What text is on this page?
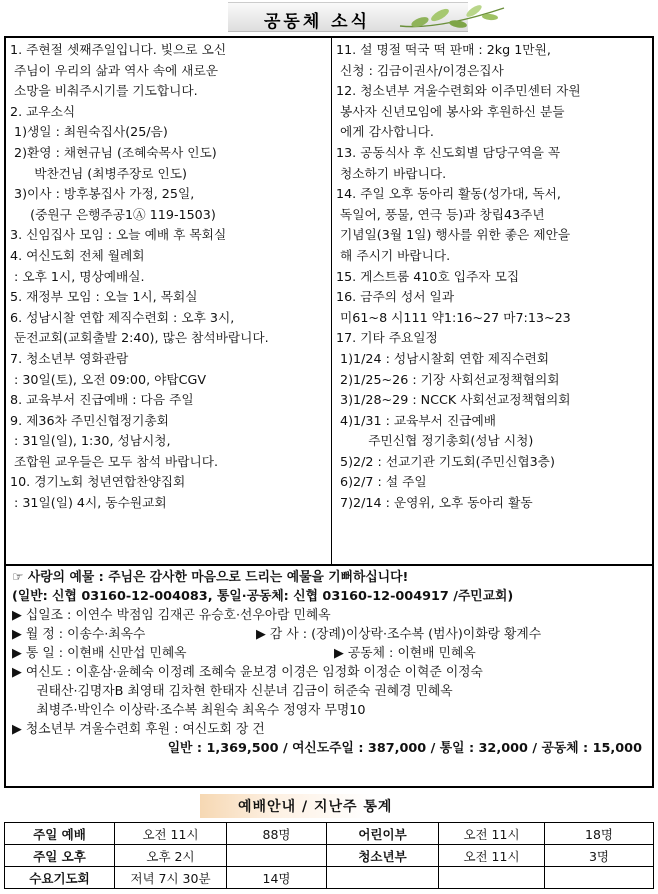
공동체 소식
1. 주현절 셋째주일입니다. 빛으로 오신
주님이 우리의 삶과 역사 속에 새로운
소망을 비춰주시기를 기도합니다.
2. 교우소식
1)생일 : 최원숙집사(25/음)
2)환영 : 채현규님 (조혜숙목사 인도)
박찬건님 (최병주장로 인도)
3)이사 : 방후봉집사 가정, 25일,
(중원구 은행주공1Ⓐ 119-1503)
3. 신임집사 모임 : 오늘 예배 후 목회실
4. 여신도회 전체 월례회
: 오후 1시, 명상예배실.
5. 재정부 모임 : 오늘 1시, 목회실
6. 성남시찰 연합 제직수련회 : 오후 3시,
둔전교회(교회출발 2:40), 많은 참석바랍니다.
7. 청소년부 영화관람
: 30일(토), 오전 09:00, 야탑CGV
8. 교육부서 진급예배 : 다음 주일
9. 제36차 주민신협정기총회
: 31일(일), 1:30, 성남시청,
조합원 교우들은 모두 참석 바랍니다.
10. 경기노회 청년연합찬양집회
: 31일(일) 4시, 동수원교회
11. 설 명절 떡국 떡 판매 : 2kg 1만원,
신청 : 김금이권사/이경은집사
12. 청소년부 겨울수련회와 이주민센터 자원
봉사자 신년모임에 봉사와 후원하신 분들
에게 감사합니다.
13. 공동식사 후 신도회별 담당구역을 꼭
청소하기 바랍니다.
14. 주일 오후 동아리 활동(성가대, 독서,
독일어, 풍물, 연극 등)과 창립43주년
기념일(3월 1일) 행사를 위한 좋은 제안을
해 주시기 바랍니다.
15. 게스트룸 410호 입주자 모집
16. 금주의 성서 일과
미61~8 시111 약1:16~27 마7:13~23
17. 기타 주요일정
1)1/24 : 성남시찰회 연합 제직수련회
2)1/25~26 : 기장 사회선교정책협의회
3)1/28~29 : NCCK 사회선교정책협의회
4)1/31 : 교육부서 진급예배
주민신협 정기총회(성남 시청)
5)2/2 : 선교기관 기도회(주민신협3층)
6)2/7 : 설 주일
7)2/14 : 운영위, 오후 동아리 활동
☞ 사랑의 예물 : 주님은 감사한 마음으로 드리는 예물을 기뻐하십니다!
(일반: 신협 03160-12-004083, 통일·공동체: 신협 03160-12-004917 /주민교회)
▶ 십일조 : 이연수 박점임 김재곤 유승호·선우아람 민혜옥
▶ 월 정 : 이송수·최옥수	▶ 감 사 : (장례)이상락·조수복 (범사)이화랑 황계수
▶ 통 일 : 이현배 신만섭 민혜옥	▶ 공동체 : 이현배 민혜옥
▶ 여신도 : 이훈삼·윤혜숙 이정례 조혜숙 윤보경 이경은 임정화 이정순 이혁준 이정숙
권태산·김명자B 최영태 김차현 한태자 신분녀 김금이 허준숙 권혜경 민혜옥
최병주·박인수 이상락·조수복 최원숙 최옥수 정영자 무명10
▶ 청소년부 겨울수련회 후원 : 여신도회 장 건
일반 : 1,369,500 / 여신도주일 : 387,000 / 통일 : 32,000 / 공동체 : 15,000
예배안내 / 지난주 통계
주일 예배	오전 11시	88명	어린이부	오전 11시	18명
주일 오후	오후 2시		청소년부	오전 11시	3명
수요기도회	저녁 7시 30분	14명			
